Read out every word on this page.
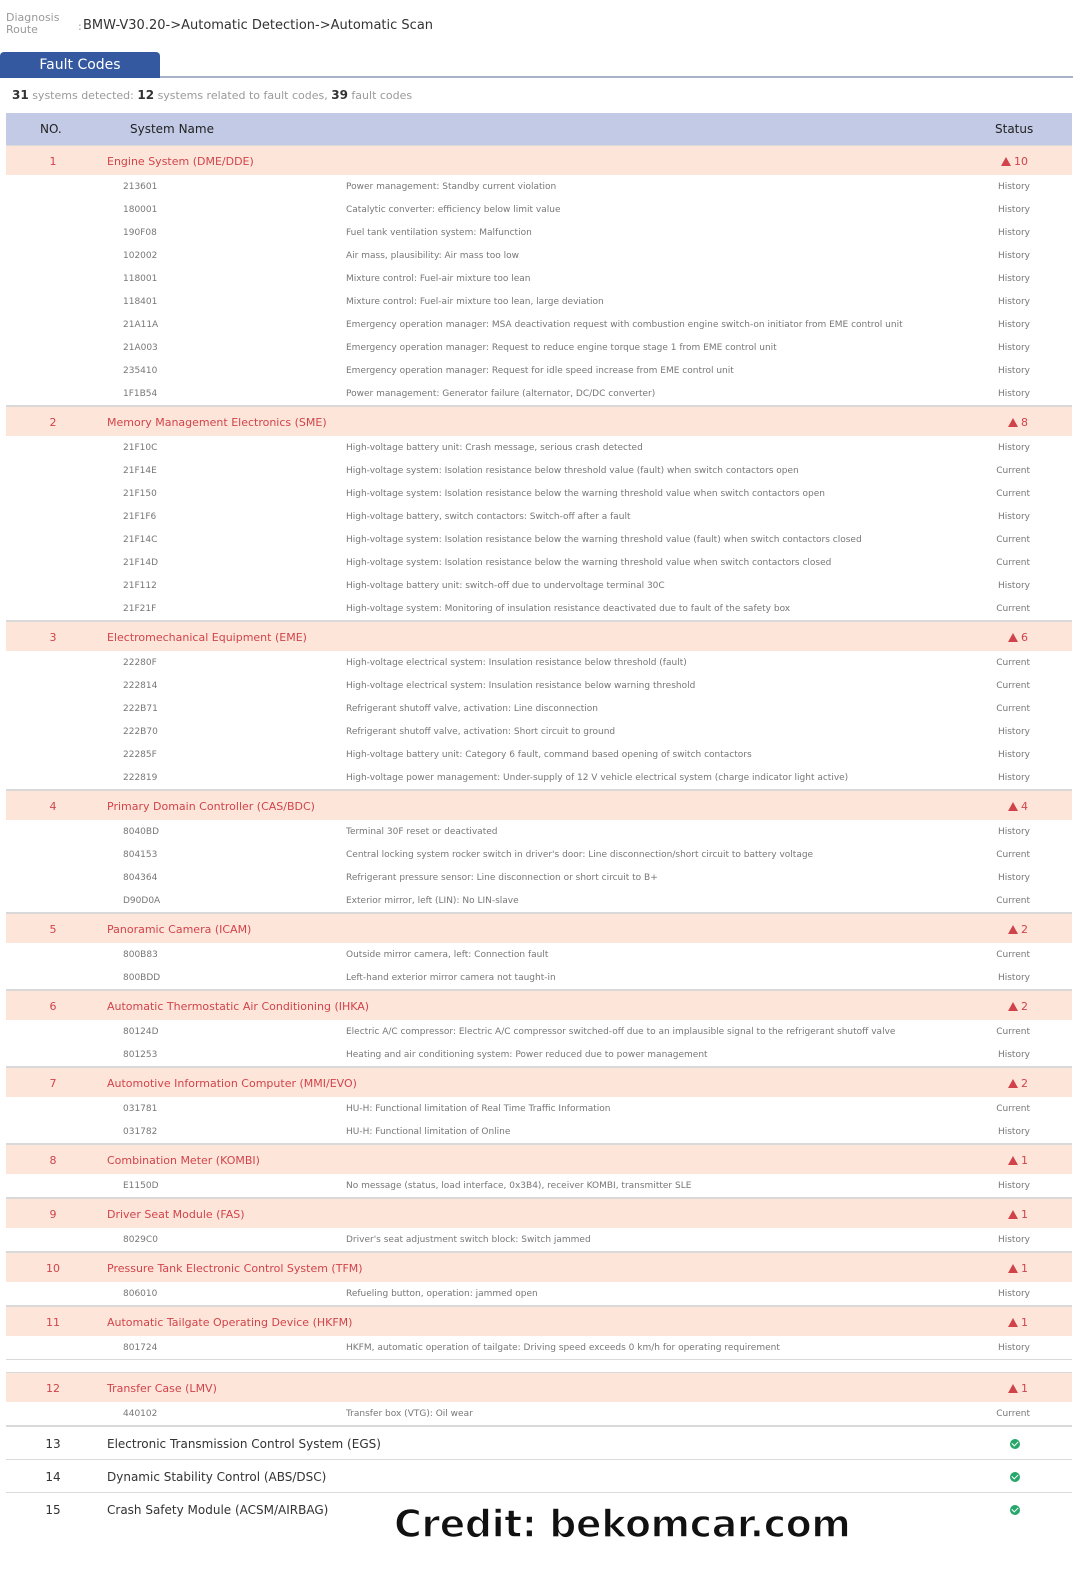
Diagnosis Route	: BMW-V30.20->Automatic Detection->Automatic Scan
Fault Codes
31 systems detected: 12 systems related to fault codes, 39 fault codes
NO.	System Name	Status
1	Engine System (DME/DDE)	10
213601	Power management: Standby current violation	History
180001	Catalytic converter: efficiency below limit value	History
190F08	Fuel tank ventilation system: Malfunction	History
102002	Air mass, plausibility: Air mass too low	History
118001	Mixture control: Fuel-air mixture too lean	History
118401	Mixture control: Fuel-air mixture too lean, large deviation	History
21A11A	Emergency operation manager: MSA deactivation request with combustion engine switch-on initiator from EME control unit	History
21A003	Emergency operation manager: Request to reduce engine torque stage 1 from EME control unit	History
235410	Emergency operation manager: Request for idle speed increase from EME control unit	History
1F1B54	Power management: Generator failure (alternator, DC/DC converter)	History
2	Memory Management Electronics (SME)	8
21F10C	High-voltage battery unit: Crash message, serious crash detected	History
21F14E	High-voltage system: Isolation resistance below threshold value (fault) when switch contactors open	Current
21F150	High-voltage system: Isolation resistance below the warning threshold value when switch contactors open	Current
21F1F6	High-voltage battery, switch contactors: Switch-off after a fault	History
21F14C	High-voltage system: Isolation resistance below the warning threshold value (fault) when switch contactors closed	Current
21F14D	High-voltage system: Isolation resistance below the warning threshold value when switch contactors closed	Current
21F112	High-voltage battery unit: switch-off due to undervoltage terminal 30C	History
21F21F	High-voltage system: Monitoring of insulation resistance deactivated due to fault of the safety box	Current
3	Electromechanical Equipment (EME)	6
22280F	High-voltage electrical system: Insulation resistance below threshold (fault)	Current
222814	High-voltage electrical system: Insulation resistance below warning threshold	Current
222B71	Refrigerant shutoff valve, activation: Line disconnection	Current
222B70	Refrigerant shutoff valve, activation: Short circuit to ground	History
22285F	High-voltage battery unit: Category 6 fault, command based opening of switch contactors	History
222819	High-voltage power management: Under-supply of 12 V vehicle electrical system (charge indicator light active)	History
4	Primary Domain Controller (CAS/BDC)	4
8040BD	Terminal 30F reset or deactivated	History
804153	Central locking system rocker switch in driver's door: Line disconnection/short circuit to battery voltage	Current
804364	Refrigerant pressure sensor: Line disconnection or short circuit to B+	History
D90D0A	Exterior mirror, left (LIN): No LIN-slave	Current
5	Panoramic Camera (ICAM)	2
800B83	Outside mirror camera, left: Connection fault	Current
800BDD	Left-hand exterior mirror camera not taught-in	History
6	Automatic Thermostatic Air Conditioning (IHKA)	2
80124D	Electric A/C compressor: Electric A/C compressor switched-off due to an implausible signal to the refrigerant shutoff valve	Current
801253	Heating and air conditioning system: Power reduced due to power management	History
7	Automotive Information Computer (MMI/EVO)	2
031781	HU-H: Functional limitation of Real Time Traffic Information	Current
031782	HU-H: Functional limitation of Online	History
8	Combination Meter (KOMBI)	1
E1150D	No message (status, load interface, 0x3B4), receiver KOMBI, transmitter SLE	History
9	Driver Seat Module (FAS)	1
8029C0	Driver's seat adjustment switch block: Switch jammed	History
10	Pressure Tank Electronic Control System (TFM)	1
806010	Refueling button, operation: jammed open	History
11	Automatic Tailgate Operating Device (HKFM)	1
801724	HKFM, automatic operation of tailgate: Driving speed exceeds 0 km/h for operating requirement	History
12	Transfer Case (LMV)	1
440102	Transfer box (VTG): Oil wear	Current
13	Electronic Transmission Control System (EGS)
14	Dynamic Stability Control (ABS/DSC)
15	Crash Safety Module (ACSM/AIRBAG) Credit: bekomcar.com
